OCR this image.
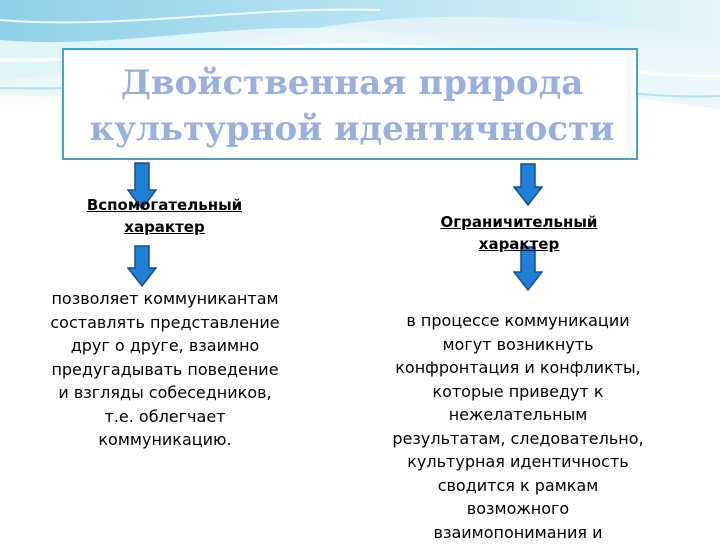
Двойственная природа
культурной идентичности

Вспомогательный
характер

позволяет коммуникантам
составлять представление
друг о друге, взаимно
предугадывать поведение
и взгляды собеседников,
т.е. облегчает
коммуникацию.

Ограничительный
характер

в процессе коммуникации
могут возникнуть
конфронтация и конфликты,
которые приведут к
нежелательным
результатам, следовательно,
культурная идентичность
сводится к рамкам
возможного
взаимопонимания и
